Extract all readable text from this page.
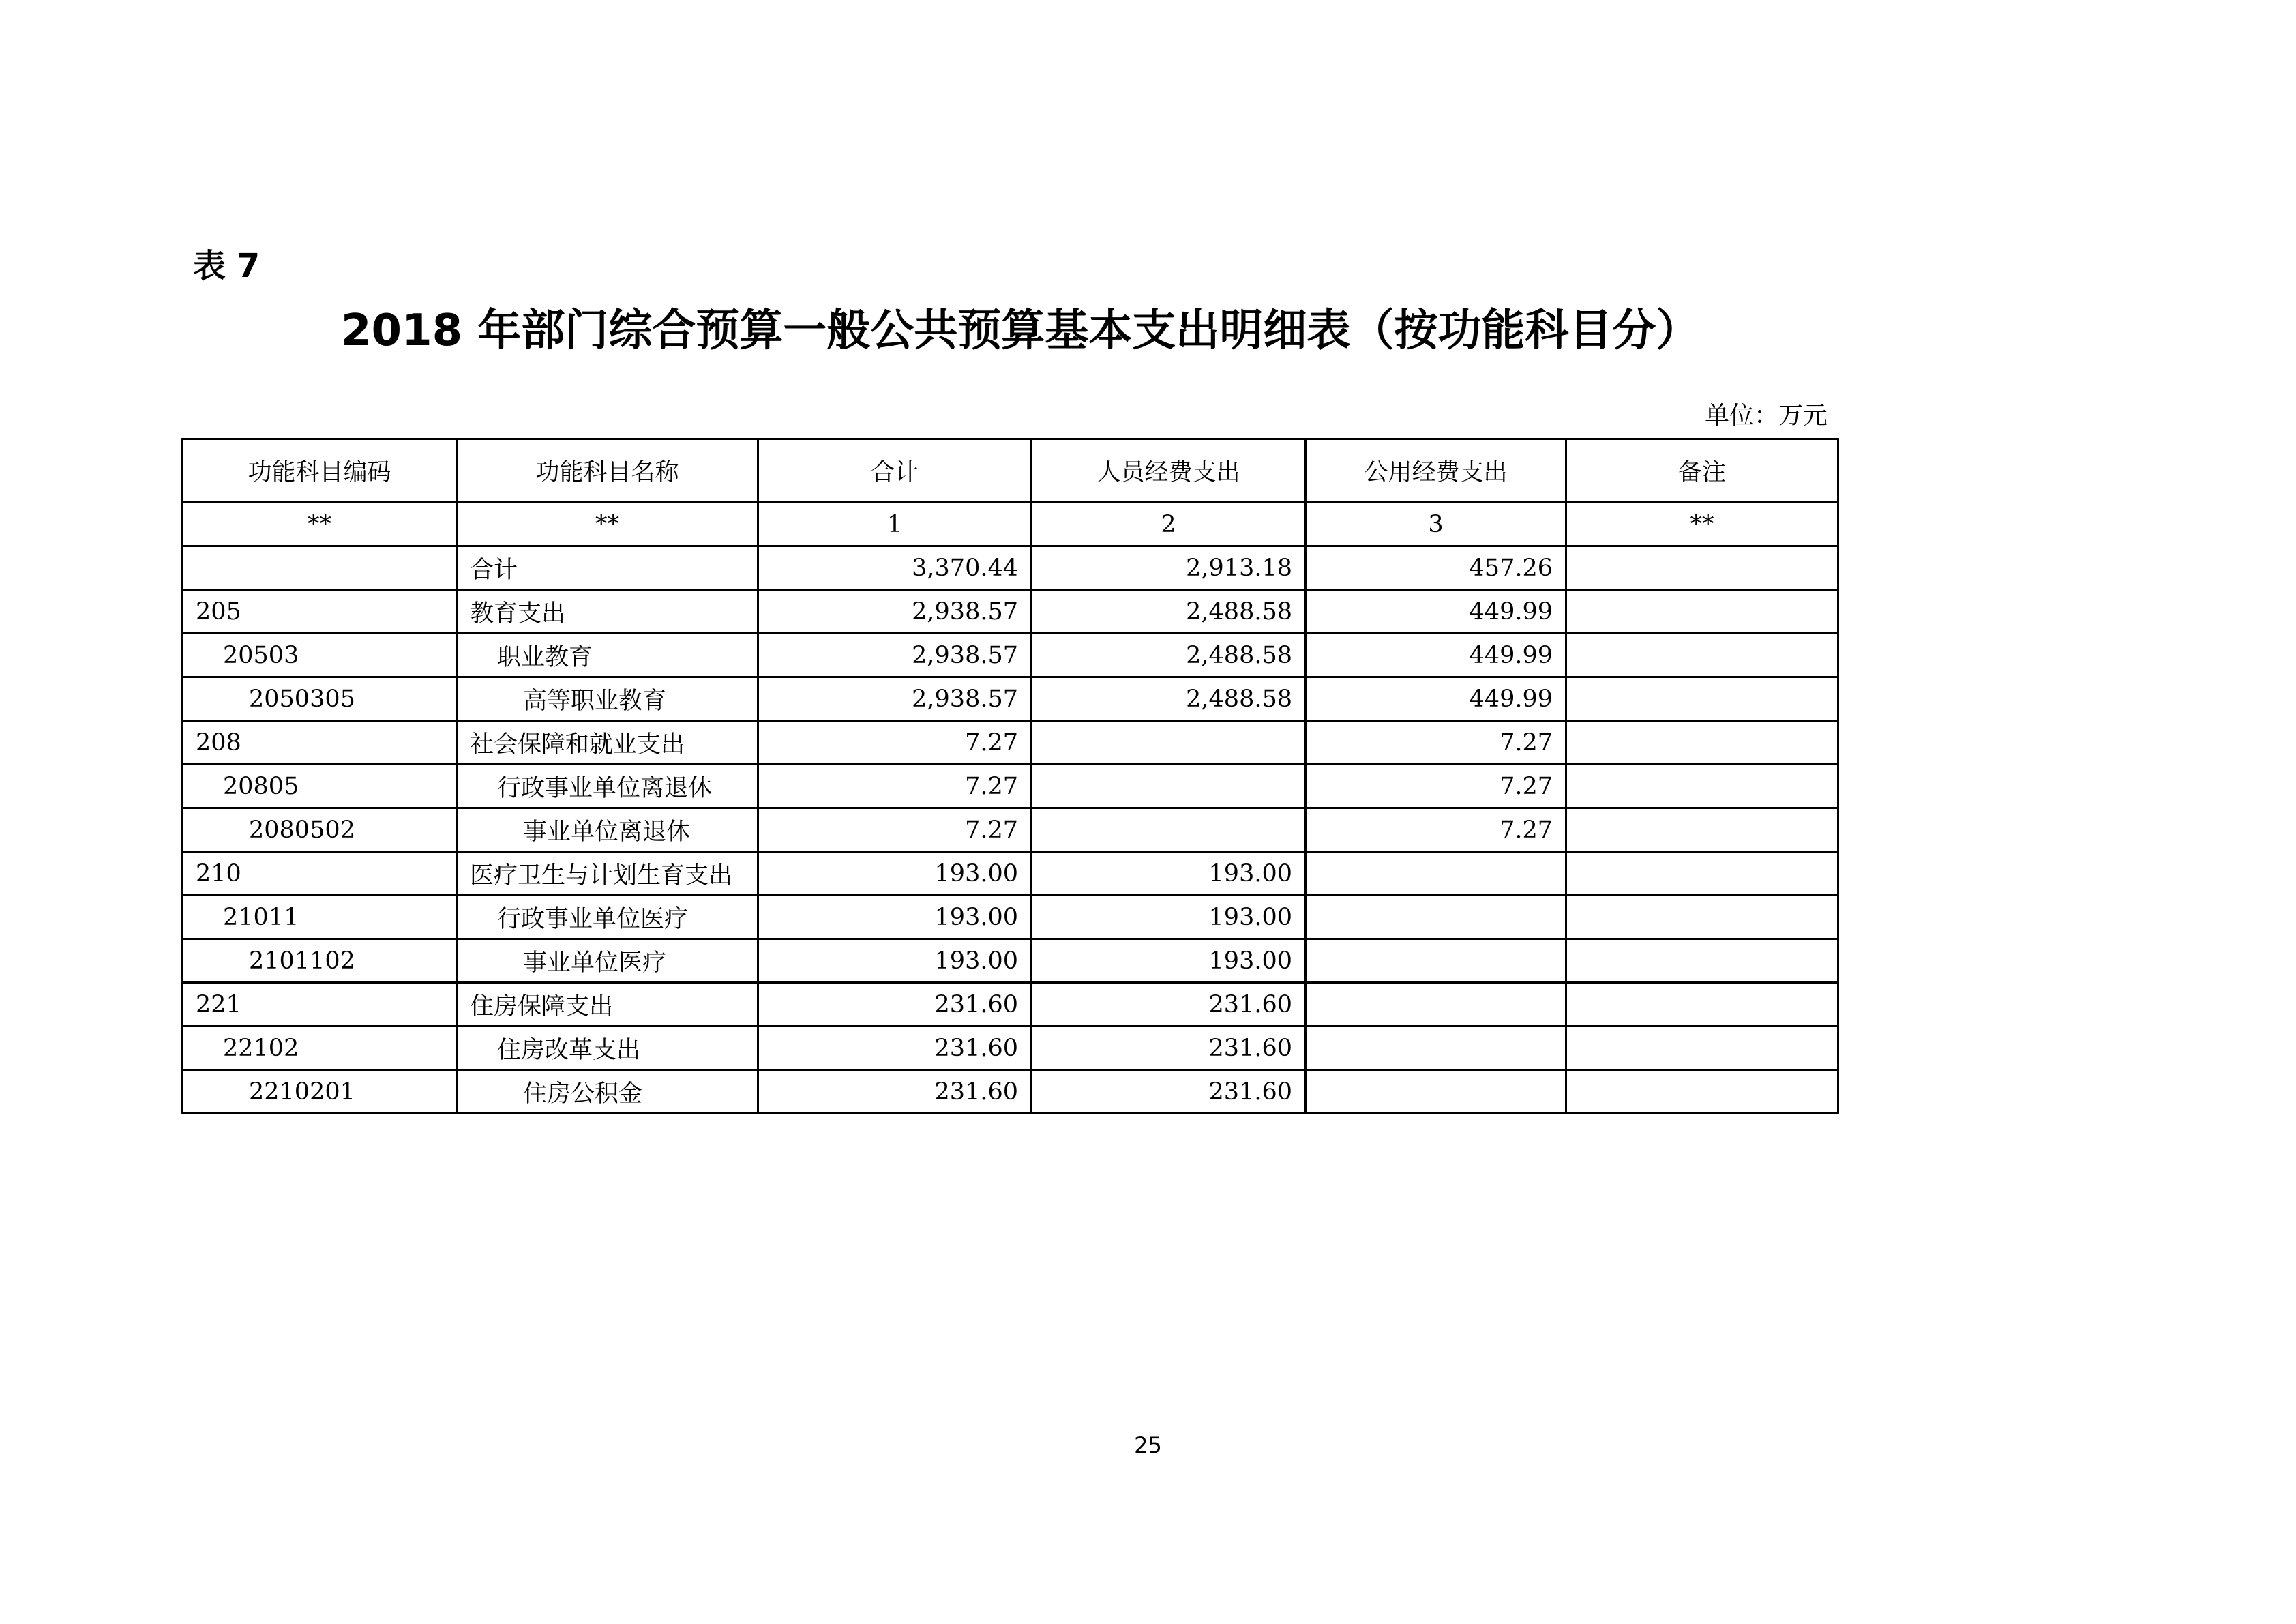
表 7
2018 年部门综合预算一般公共预算基本支出明细表（按功能科目分）
单位：万元
功能科目编码	功能科目名称	合计	人员经费支出	公用经费支出	备注
**	**	1	2	3	**
	合计	3,370.44	2,913.18	457.26	
205	教育支出	2,938.57	2,488.58	449.99	
20503	职业教育	2,938.57	2,488.58	449.99	
2050305	高等职业教育	2,938.57	2,488.58	449.99	
208	社会保障和就业支出	7.27		7.27	
20805	行政事业单位离退休	7.27		7.27	
2080502	事业单位离退休	7.27		7.27	
210	医疗卫生与计划生育支出	193.00	193.00		
21011	行政事业单位医疗	193.00	193.00		
2101102	事业单位医疗	193.00	193.00		
221	住房保障支出	231.60	231.60		
22102	住房改革支出	231.60	231.60		
2210201	住房公积金	231.60	231.60		
25
